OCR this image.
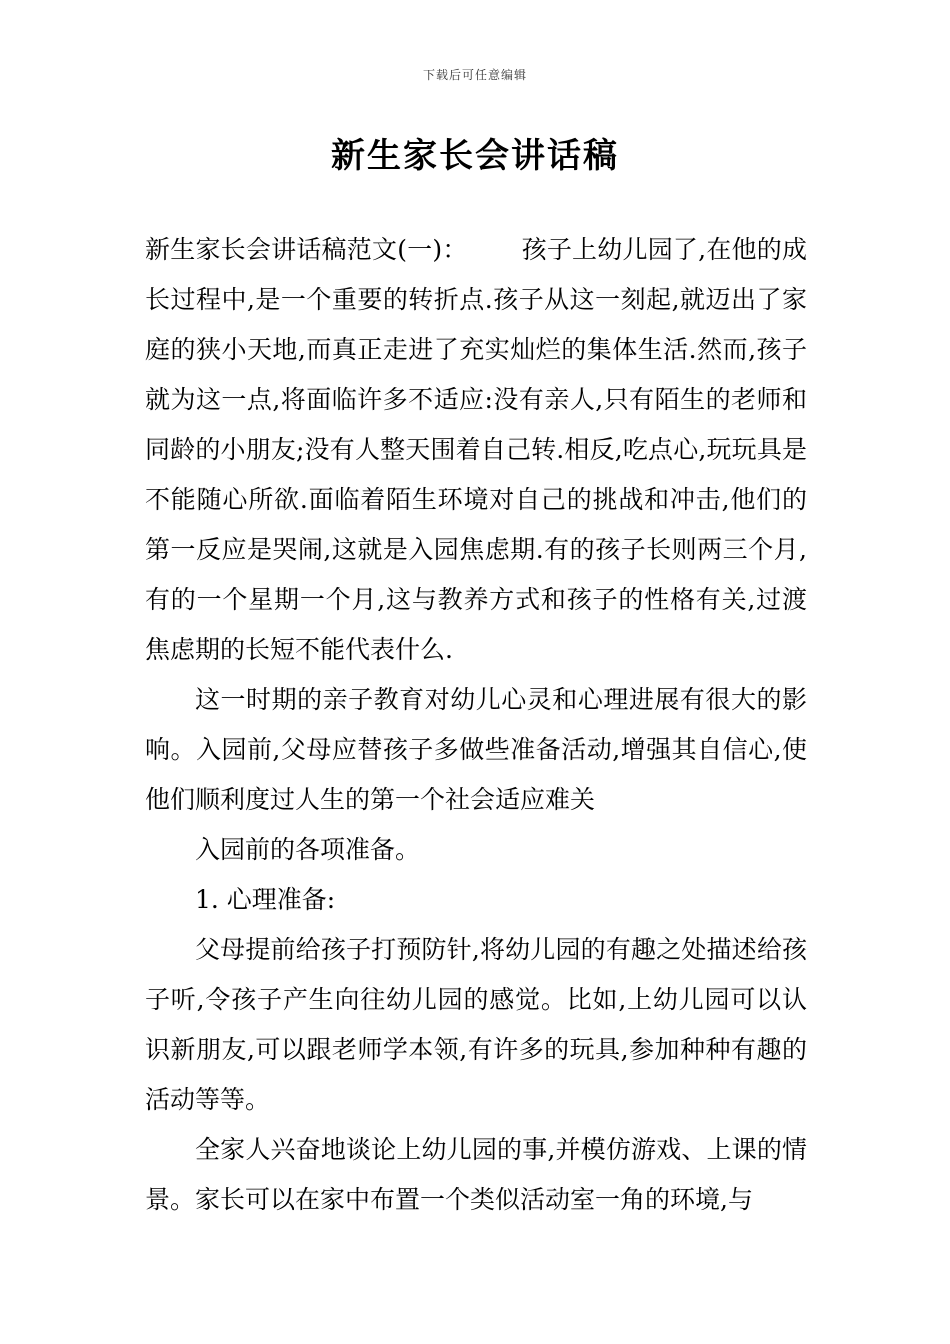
下载后可任意编辑
新生家长会讲话稿

新生家长会讲话稿范文(一)： 孩子上幼儿园了,在他的成长过程中,是一个重要的转折点.孩子从这一刻起,就迈出了家庭的狭小天地,而真正走进了充实灿烂的集体生活.然而,孩子就为这一点,将面临许多不适应:没有亲人,只有陌生的老师和同龄的小朋友;没有人整天围着自己转.相反,吃点心,玩玩具是不能随心所欲.面临着陌生环境对自己的挑战和冲击,他们的第一反应是哭闹,这就是入园焦虑期.有的孩子长则两三个月,有的一个星期一个月,这与教养方式和孩子的性格有关,过渡焦虑期的长短不能代表什么.

这一时期的亲子教育对幼儿心灵和心理进展有很大的影响。入园前,父母应替孩子多做些准备活动,增强其自信心,使他们顺利度过人生的第一个社会适应难关

入园前的各项准备。

1. 心理准备:

父母提前给孩子打预防针,将幼儿园的有趣之处描述给孩子听,令孩子产生向往幼儿园的感觉。比如,上幼儿园可以认识新朋友,可以跟老师学本领,有许多的玩具,参加种种有趣的活动等等。

全家人兴奋地谈论上幼儿园的事,并模仿游戏、上课的情景。家长可以在家中布置一个类似活动室一角的环境,与
